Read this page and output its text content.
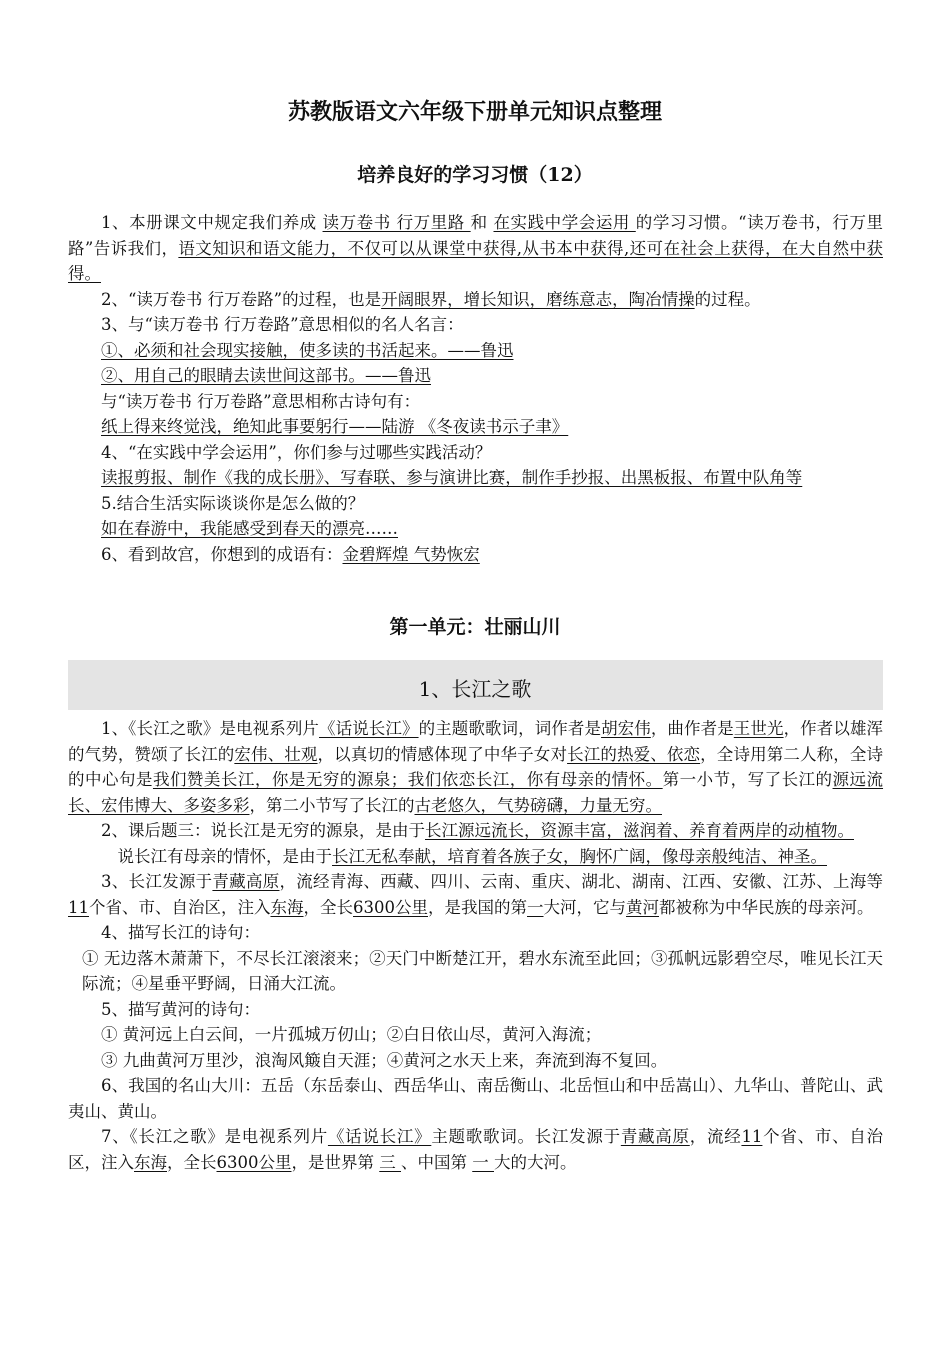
苏教版语文六年级下册单元知识点整理
培养良好的学习习惯（12）

1、本册课文中规定我们养成 读万卷书 行万里路 和 在实践中学会运用 的学习习惯。“读万卷书，行万里路”告诉我们，语文知识和语文能力，不仅可以从课堂中获得,从书本中获得,还可在社会上获得，在大自然中获得。

2、“读万卷书 行万卷路”的过程，也是开阔眼界，增长知识，磨练意志，陶冶情操的过程。

3、与“读万卷书 行万卷路”意思相似的名人名言：

①、必须和社会现实接触，使多读的书活起来。——鲁迅

②、用自己的眼睛去读世间这部书。——鲁迅

与“读万卷书 行万卷路”意思相称古诗句有：

纸上得来终觉浅，绝知此事要躬行——陆游 《冬夜读书示子聿》

4、“在实践中学会运用”，你们参与过哪些实践活动？

读报剪报、制作《我的成长册》、写春联、参与演讲比赛，制作手抄报、出黑板报、布置中队角等

5.结合生活实际谈谈你是怎么做的？

如在春游中，我能感受到春天的漂亮……

6、看到故宫，你想到的成语有：金碧辉煌 气势恢宏

第一单元：壮丽山川
1、长江之歌

1、《长江之歌》是电视系列片《话说长江》的主题歌歌词，词作者是胡宏伟，曲作者是王世光，作者以雄浑的气势，赞颂了长江的宏伟、壮观，以真切的情感体现了中华子女对长江的热爱、依恋，全诗用第二人称，全诗的中心句是我们赞美长江，你是无穷的源泉；我们依恋长江，你有母亲的情怀。第一小节，写了长江的源远流长、宏伟博大、多姿多彩，第二小节写了长江的古老悠久，气势磅礴，力量无穷。

2、课后题三：说长江是无穷的源泉，是由于长江源远流长，资源丰富，滋润着、养育着两岸的动植物。

说长江有母亲的情怀，是由于长江无私奉献，培育着各族子女，胸怀广阔，像母亲般纯洁、神圣。

3、长江发源于青藏高原，流经青海、西藏、四川、云南、重庆、湖北、湖南、江西、安徽、江苏、上海等11个省、市、自治区，注入东海，全长6300公里，是我国的第一大河，它与黄河都被称为中华民族的母亲河。

4、描写长江的诗句：

① 无边落木萧萧下，不尽长江滚滚来；②天门中断楚江开，碧水东流至此回；③孤帆远影碧空尽，唯见长江天际流；④星垂平野阔，日涌大江流。

5、描写黄河的诗句：

① 黄河远上白云间，一片孤城万仞山；②白日依山尽，黄河入海流；

③ 九曲黄河万里沙，浪淘风簸自天涯；④黄河之水天上来，奔流到海不复回。

6、我国的名山大川：五岳（东岳泰山、西岳华山、南岳衡山、北岳恒山和中岳嵩山）、九华山、普陀山、武夷山、黄山。

7、《长江之歌》是电视系列片《话说长江》主题歌歌词。长江发源于青藏高原，流经11个省、市、自治区，注入东海，全长6300公里，是世界第 三 、中国第 一 大的大河。
